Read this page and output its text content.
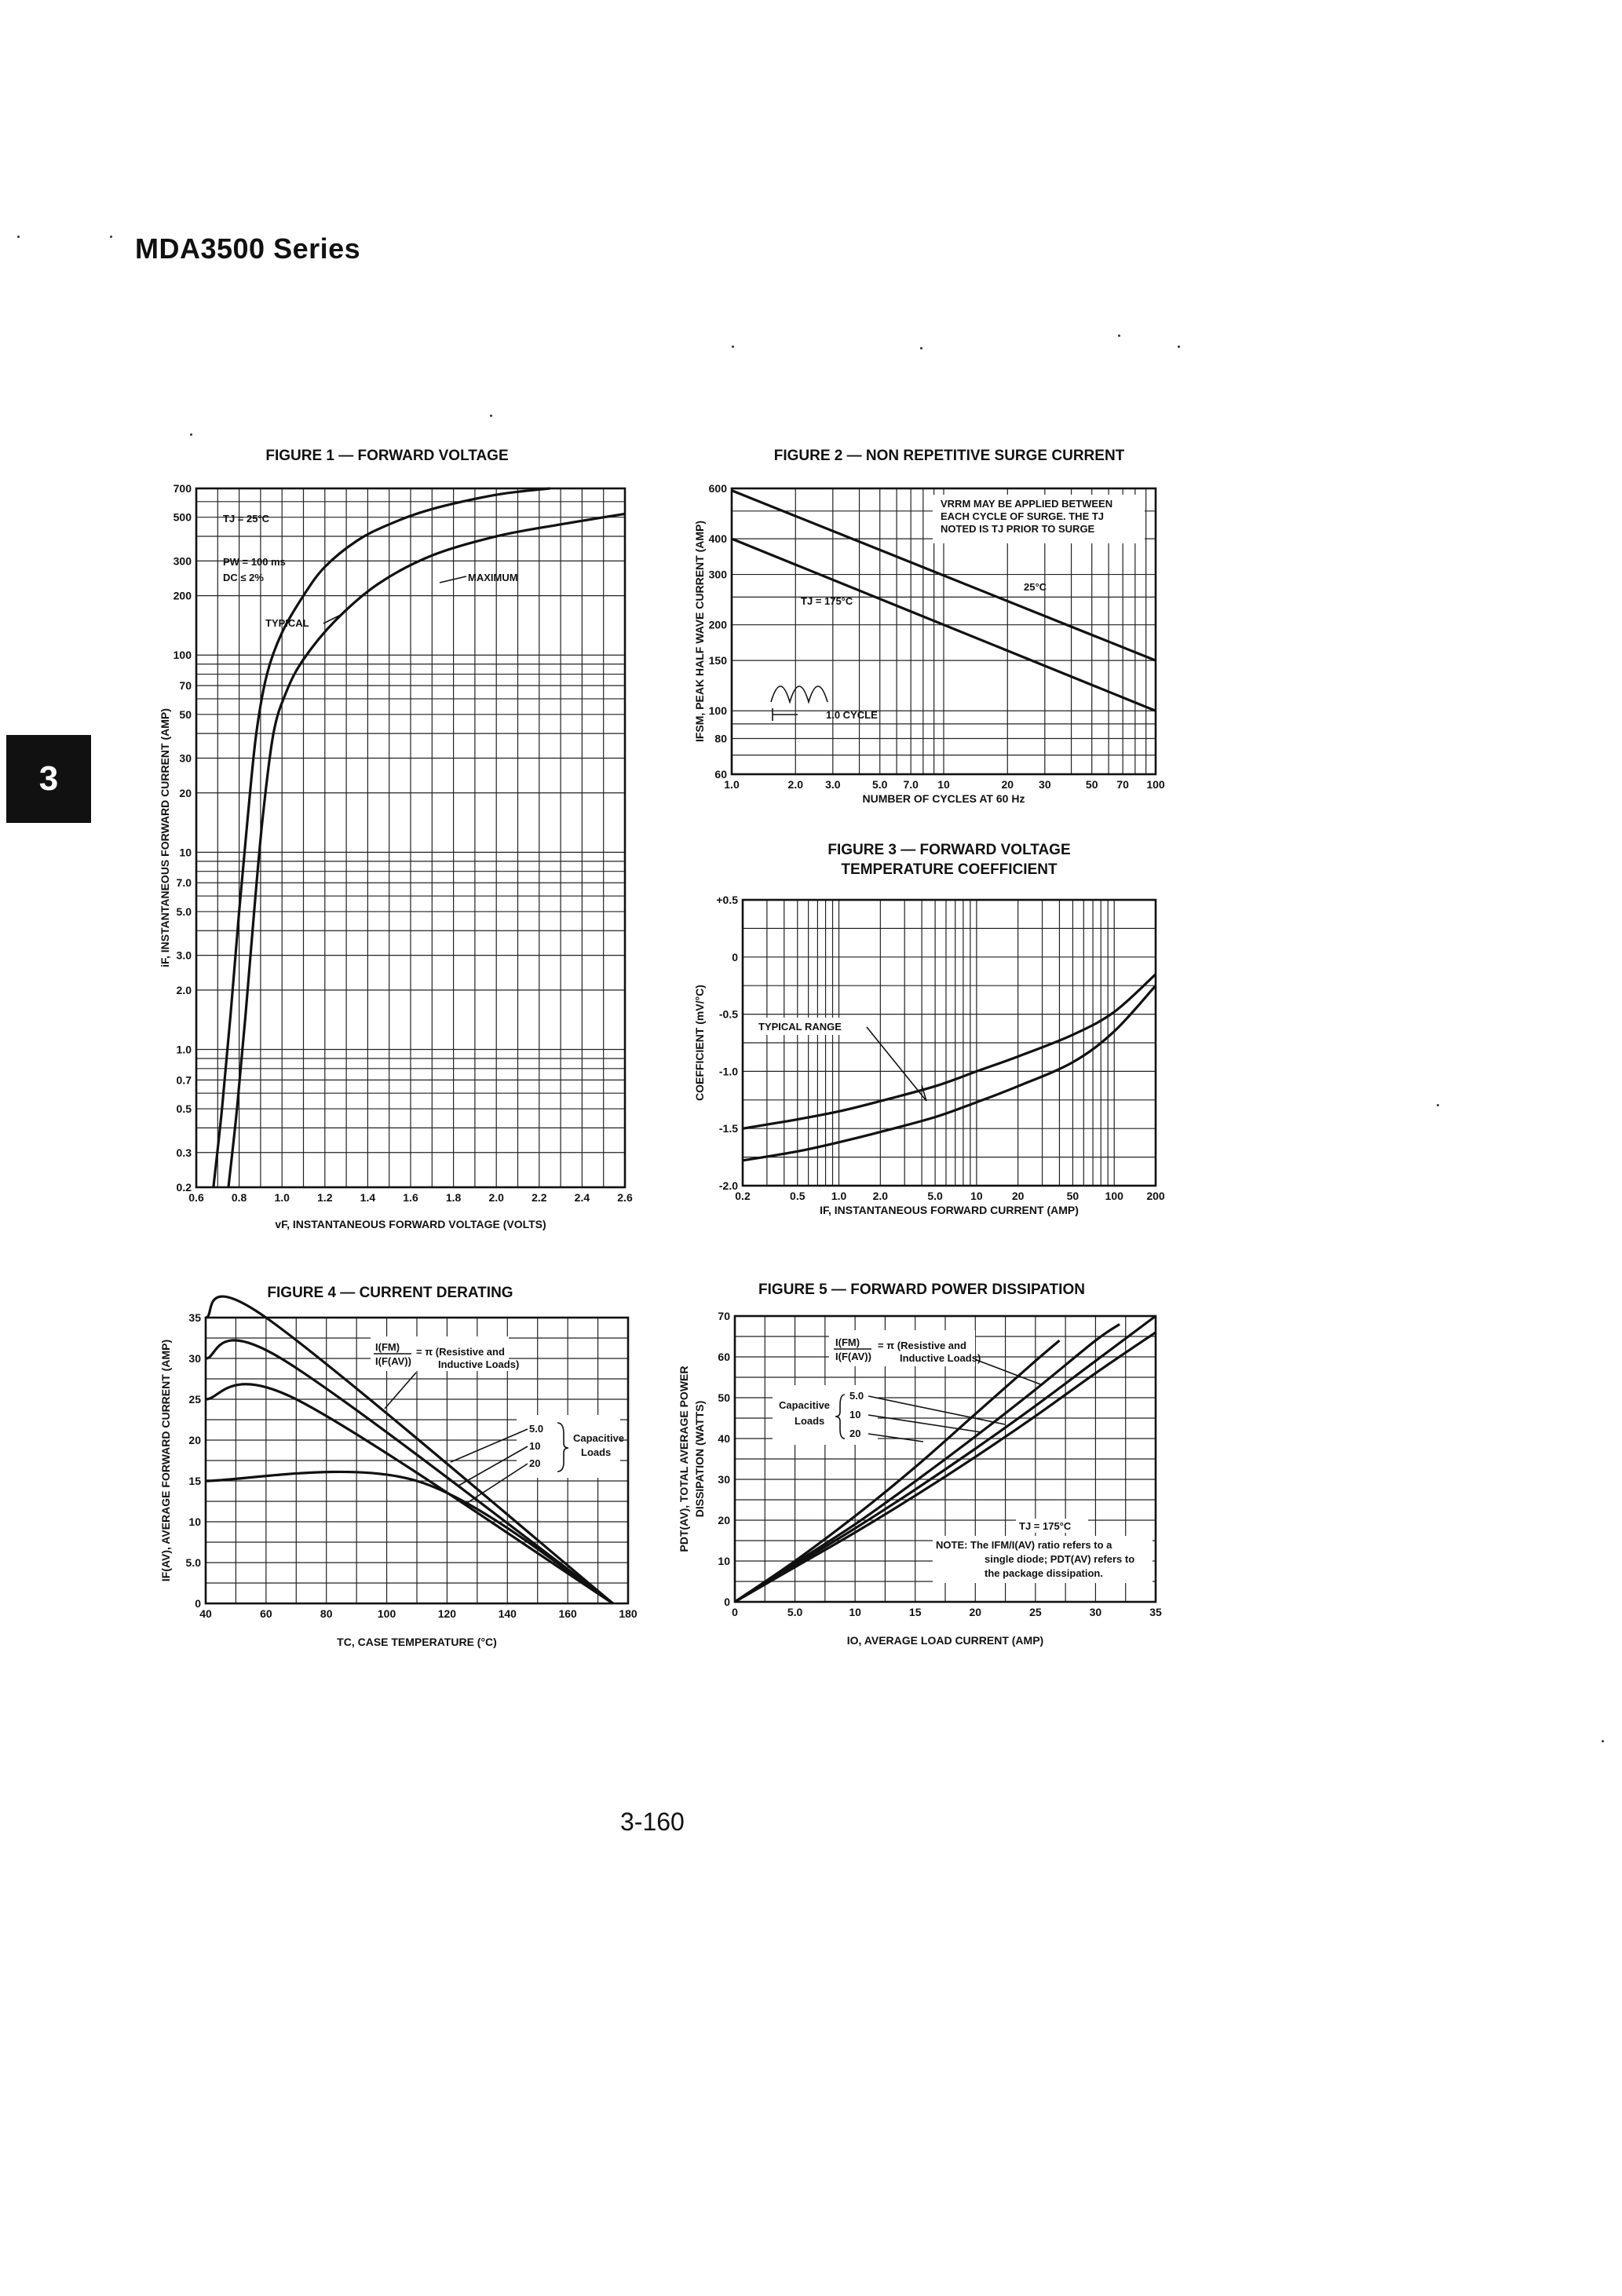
MDA3500 Series
3
3-160
FIGURE 1 — FORWARD VOLTAGE
0.6	0.8	1.0	1.2	1.4	1.6	1.8	2.0	2.2	2.4	2.6
0.2
0.3
0.5
0.7
1.0
2.0
3.0
5.0
7.0
10
20
30
50
70
100
200
300
500
700
TJ = 25°C
PW = 100 ms
DC ≤ 2%
TYPICAL
MAXIMUM
vF, INSTANTANEOUS FORWARD VOLTAGE (VOLTS)
iF, INSTANTANEOUS FORWARD CURRENT (AMP)
FIGURE 2 — NON REPETITIVE SURGE CURRENT
1.0	2.0 3.0	5.0 7.0 10	20 30	50 70 100
60
80
100
150
200
300
400
600
VRRM MAY BE APPLIED BETWEEN
EACH CYCLE OF SURGE. THE TJ
NOTED IS TJ PRIOR TO SURGE
TJ = 175°C
25°C
1.0 CYCLE
NUMBER OF CYCLES AT 60 Hz
IFSM, PEAK HALF WAVE CURRENT (AMP)
FIGURE 3 — FORWARD VOLTAGE
TEMPERATURE COEFFICIENT
0.2	0.5 1.0 2.0	5.0	10	20	50 100 200
+0.5
0
-0.5
-1.0
-1.5
-2.0
TYPICAL RANGE
IF, INSTANTANEOUS FORWARD CURRENT (AMP)
COEFFICIENT (mV/°C)
FIGURE 4 — CURRENT DERATING
40	60	80	100	120	140	160	180
0
5.0
10
15
20
25
30
35
I(FM)
I(F(AV))
= π (Resistive and
Inductive Loads)
5.0
10
20
Capacitive
Loads
TC, CASE TEMPERATURE (°C)
IF(AV), AVERAGE FORWARD CURRENT (AMP)
FIGURE 5 — FORWARD POWER DISSIPATION
0	5.0	10	15	20	25	30	35
0
10
20
30
40
50
60
70
I(FM)
I(F(AV))
= π (Resistive and
Inductive Loads)
Capacitive
Loads
5.0
10
20
TJ = 175°C
NOTE: The IFM/I(AV) ratio refers to a
single diode; PDT(AV) refers to
the package dissipation.
IO, AVERAGE LOAD CURRENT (AMP)
PDT(AV), TOTAL AVERAGE POWER DISSIPATION (WATTS)
